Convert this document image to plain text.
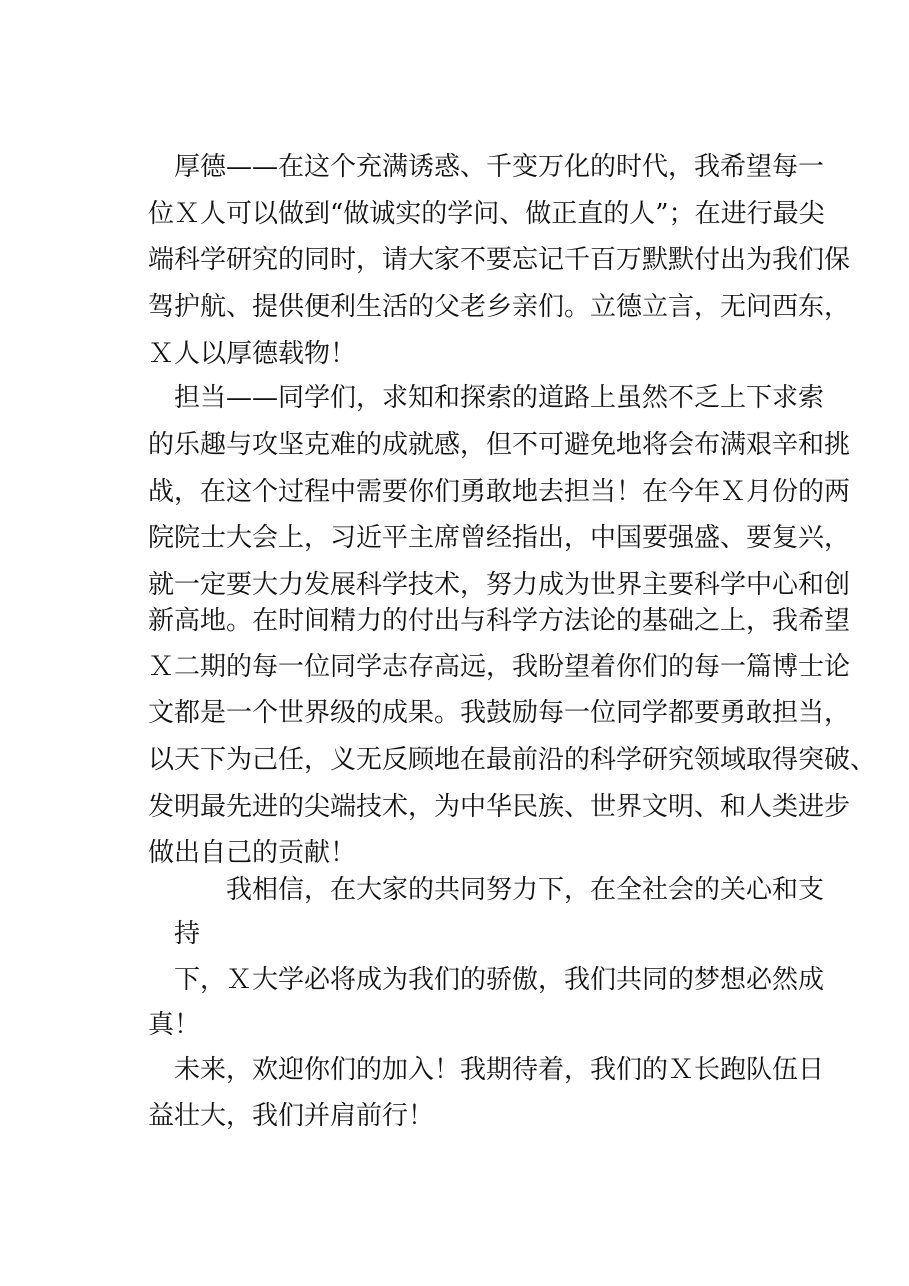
厚德——在这个充满诱惑、千变万化的时代，我希望每一

位Ｘ人可以做到“做诚实的学问、做正直的人”；在进行最尖

端科学研究的同时，请大家不要忘记千百万默默付出为我们保

驾护航、提供便利生活的父老乡亲们。立德立言，无问西东，

Ｘ人以厚德载物！

担当——同学们，求知和探索的道路上虽然不乏上下求索

的乐趣与攻坚克难的成就感，但不可避免地将会布满艰辛和挑

战，在这个过程中需要你们勇敢地去担当！在今年Ｘ月份的两

院院士大会上，习近平主席曾经指出，中国要强盛、要复兴，

就一定要大力发展科学技术，努力成为世界主要科学中心和创

新高地。在时间精力的付出与科学方法论的基础之上，我希望

Ｘ二期的每一位同学志存高远，我盼望着你们的每一篇博士论

文都是一个世界级的成果。我鼓励每一位同学都要勇敢担当，

以天下为己任，义无反顾地在最前沿的科学研究领域取得突破、

发明最先进的尖端技术，为中华民族、世界文明、和人类进步

做出自己的贡献！

我相信，在大家的共同努力下，在全社会的关心和支

持

下，Ｘ大学必将成为我们的骄傲，我们共同的梦想必然成

真！

未来，欢迎你们的加入！我期待着，我们的Ｘ长跑队伍日

益壮大，我们并肩前行！
